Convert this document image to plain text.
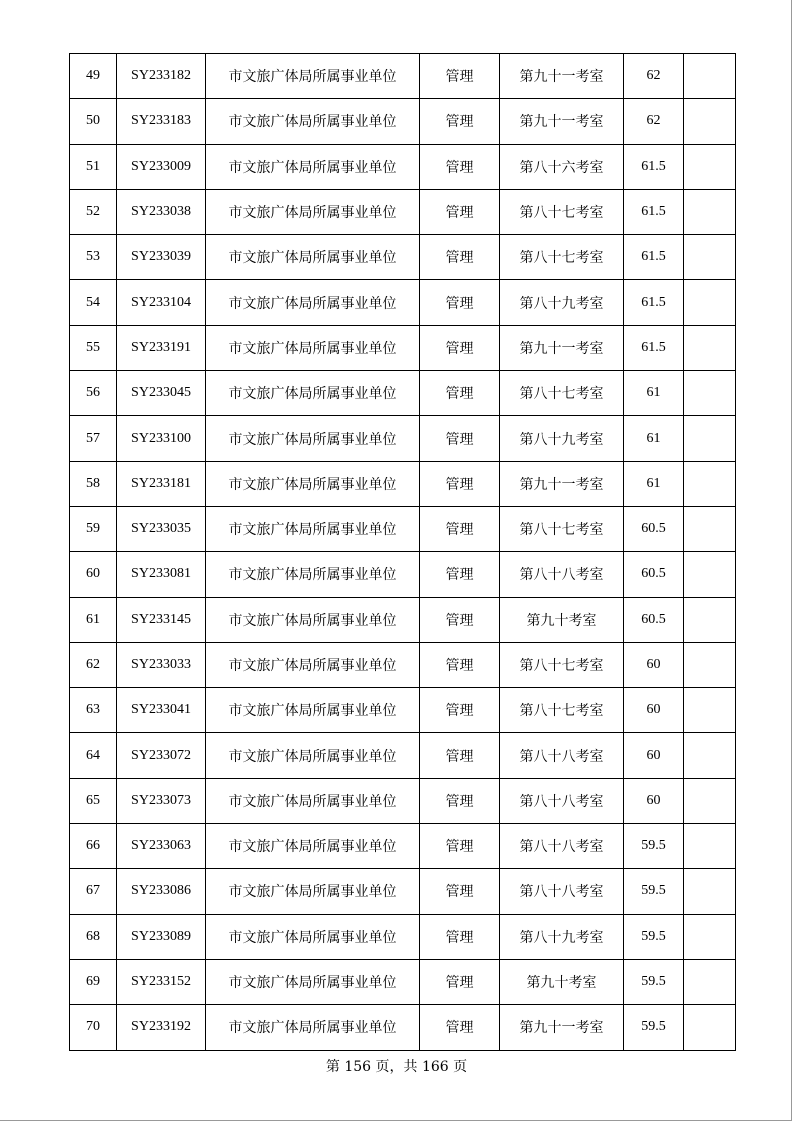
49	SY233182	市文旅广体局所属事业单位	管理	第九十一考室	62	
50	SY233183	市文旅广体局所属事业单位	管理	第九十一考室	62	
51	SY233009	市文旅广体局所属事业单位	管理	第八十六考室	61.5	
52	SY233038	市文旅广体局所属事业单位	管理	第八十七考室	61.5	
53	SY233039	市文旅广体局所属事业单位	管理	第八十七考室	61.5	
54	SY233104	市文旅广体局所属事业单位	管理	第八十九考室	61.5	
55	SY233191	市文旅广体局所属事业单位	管理	第九十一考室	61.5	
56	SY233045	市文旅广体局所属事业单位	管理	第八十七考室	61	
57	SY233100	市文旅广体局所属事业单位	管理	第八十九考室	61	
58	SY233181	市文旅广体局所属事业单位	管理	第九十一考室	61	
59	SY233035	市文旅广体局所属事业单位	管理	第八十七考室	60.5	
60	SY233081	市文旅广体局所属事业单位	管理	第八十八考室	60.5	
61	SY233145	市文旅广体局所属事业单位	管理	第九十考室	60.5	
62	SY233033	市文旅广体局所属事业单位	管理	第八十七考室	60	
63	SY233041	市文旅广体局所属事业单位	管理	第八十七考室	60	
64	SY233072	市文旅广体局所属事业单位	管理	第八十八考室	60	
65	SY233073	市文旅广体局所属事业单位	管理	第八十八考室	60	
66	SY233063	市文旅广体局所属事业单位	管理	第八十八考室	59.5	
67	SY233086	市文旅广体局所属事业单位	管理	第八十八考室	59.5	
68	SY233089	市文旅广体局所属事业单位	管理	第八十九考室	59.5	
69	SY233152	市文旅广体局所属事业单位	管理	第九十考室	59.5	
70	SY233192	市文旅广体局所属事业单位	管理	第九十一考室	59.5	
第 156 页，共 166 页
